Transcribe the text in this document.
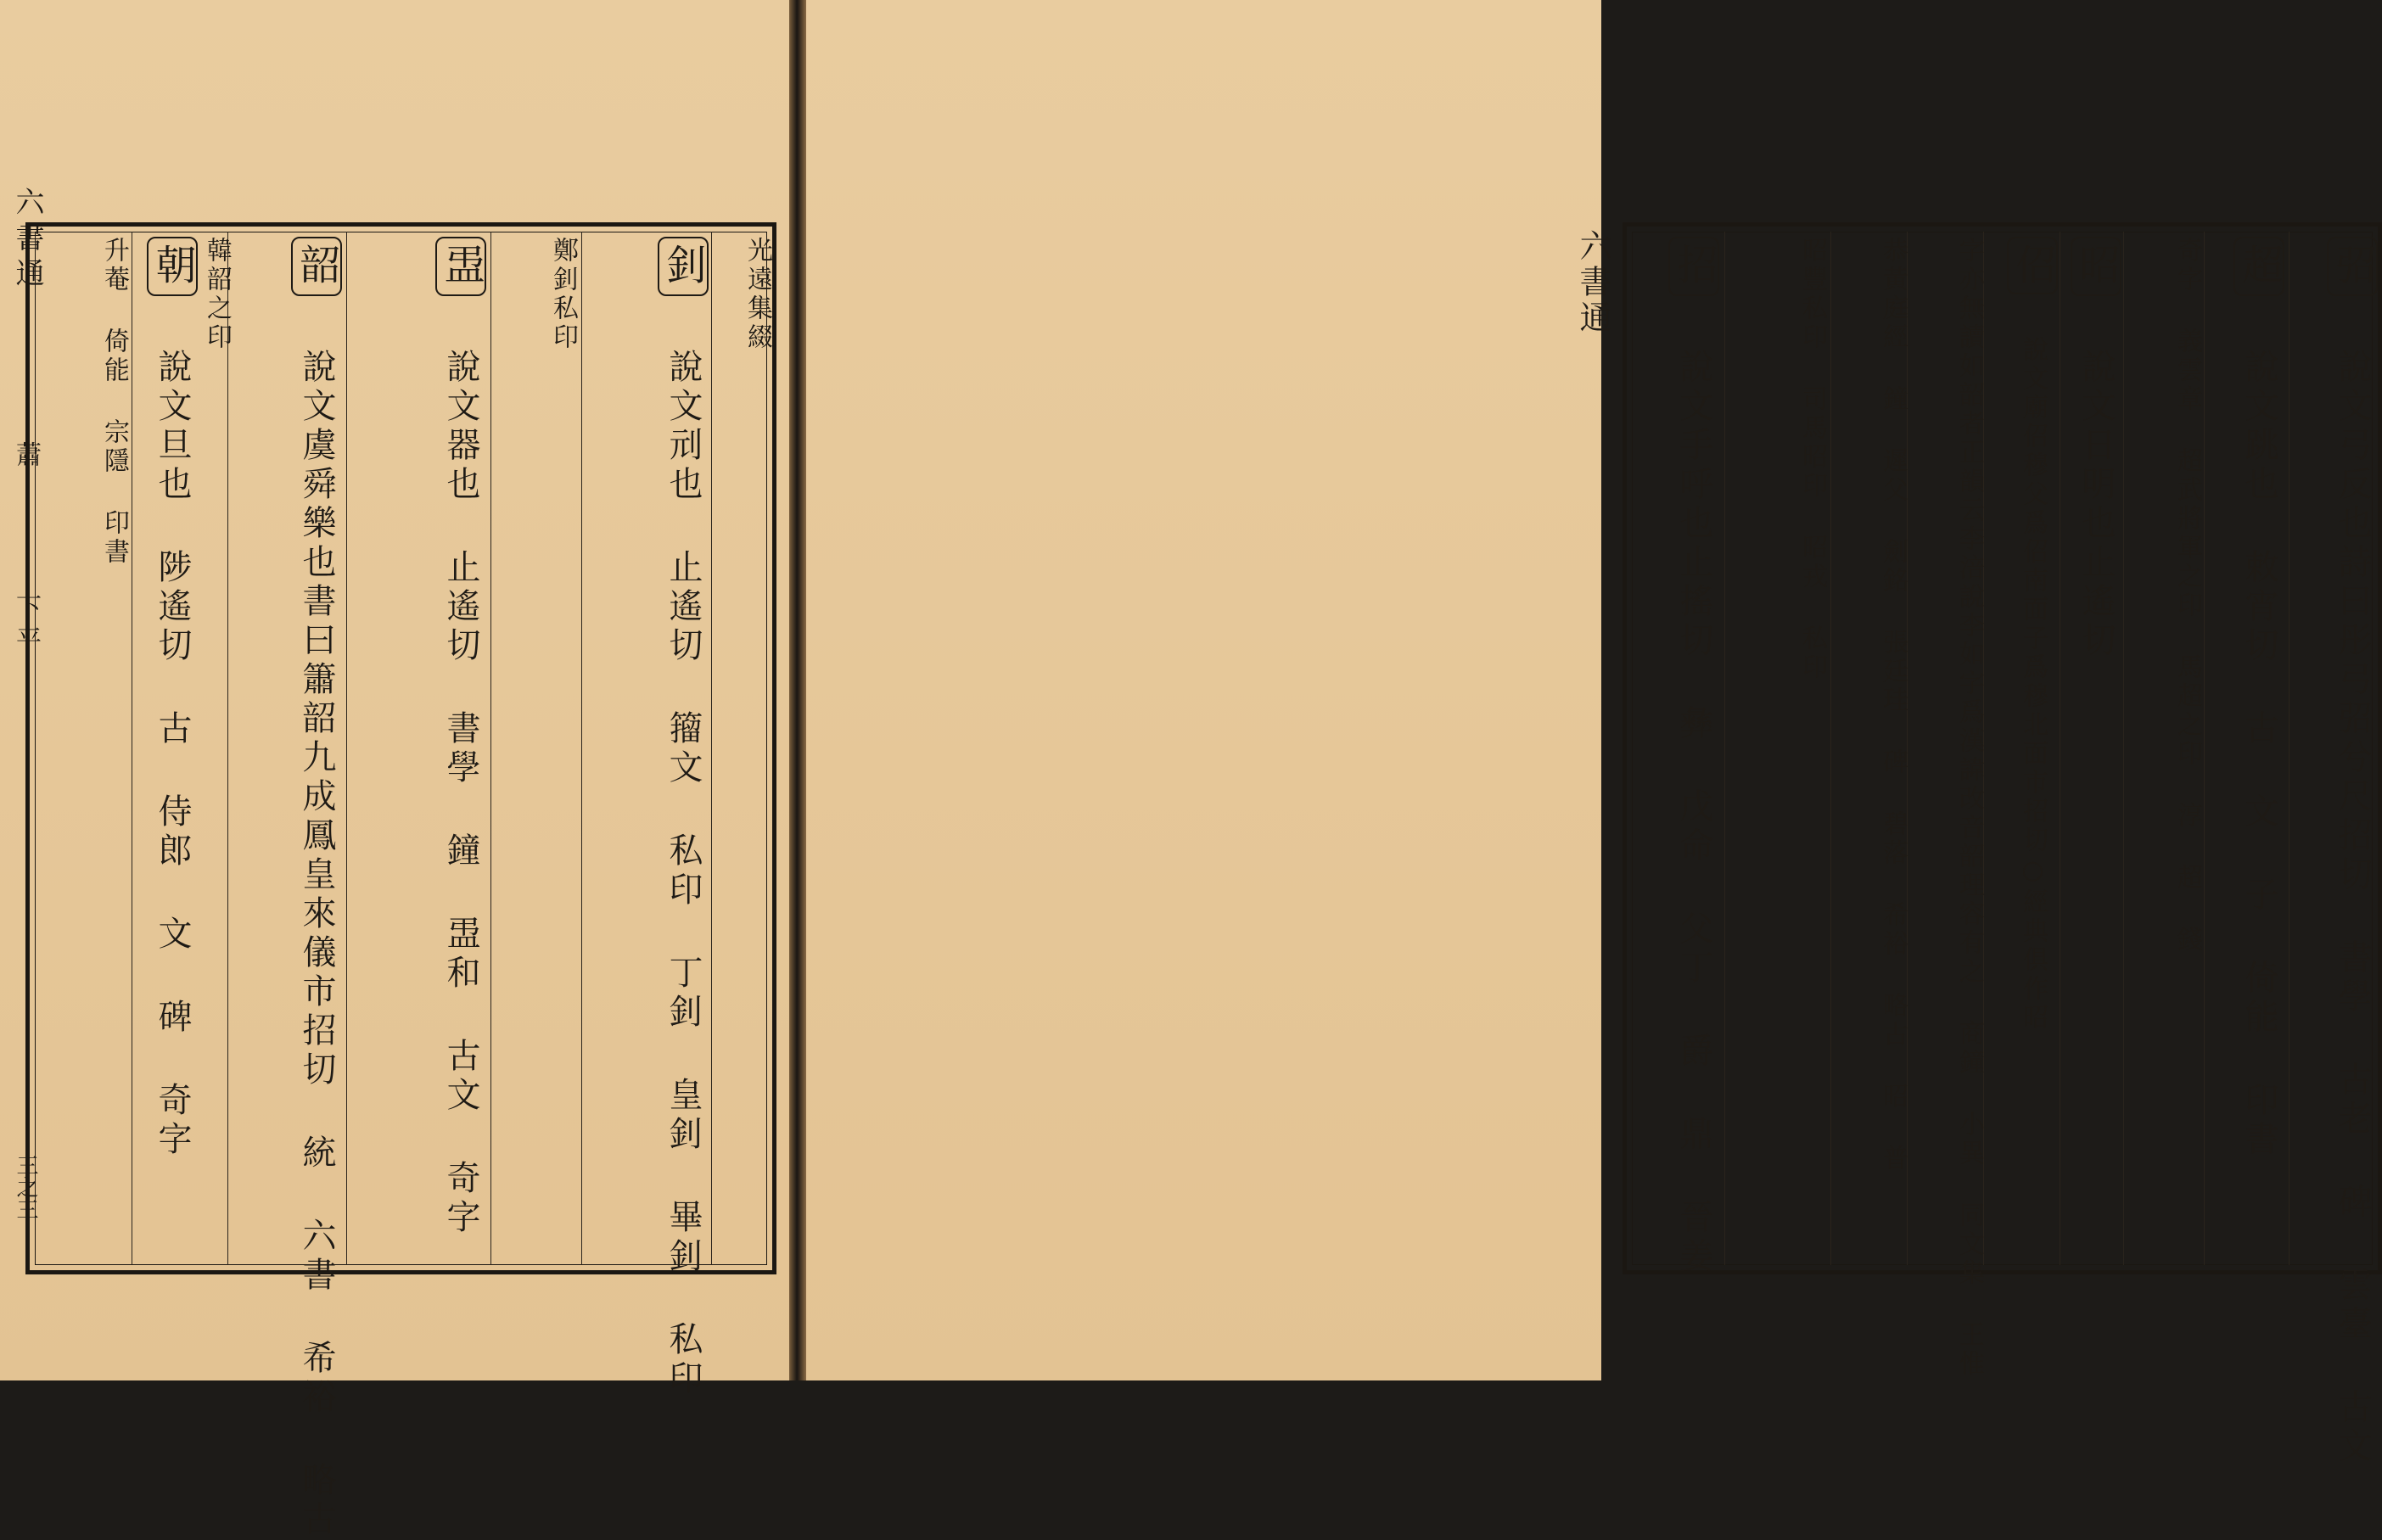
六書通
蕭
下平
三之三
光遠集綴
釗 說文刓也 止遙切 籀文 私印 丁釗 皇釗 畢釗 私印
鄭釗私印
盄 說文器也 止遙切 書學 鐘 盄和 古文 奇字
韶 說文虞舜樂也書曰簫韶九成鳳皇來儀市招切 統 六書 希裕 略古
韓韶之印
朝 說文旦也 陟遙切 古 侍郎 文 碑 奇字
升菴 倚能 宗隱 印書	六書通	弨 說文弓反也詩曰彤弓弨兮尺招切 書學 古老 碑 雲臺 古文
超 說文跳也 敕宵切 古 文 子 倚能 印書
奇字 義雲章 超武將軍之印 馬超之印 淳 超 錢
昭 說文日明也止遙切
佋 說文廟佋穆父爲佋南面子爲穆北面市招切○經典俱作昭
字亦無讀如韶者正韻云李涪說李如字爲漢諱改音韶理容有之 商鐘 小異 同文集 王惟
恭黃庭經 鐘 遲父 劍銘 張廷珪 碑 碧落 希裕 略古 昭 普
昭豐私印 司馬昭印 昭戎 私印
招 說文手呼也止搖切 彝 戊命 父丁 爵 鼎 晉姜
